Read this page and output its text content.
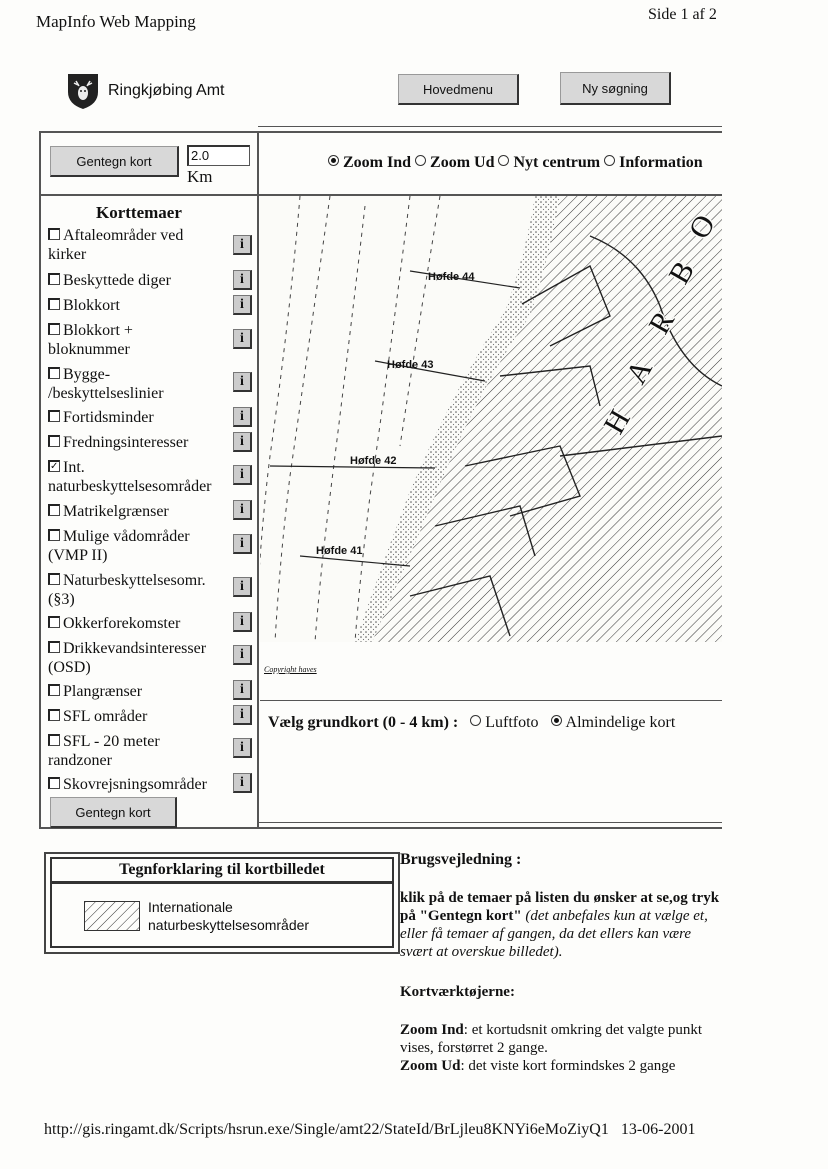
MapInfo Web Mapping	Side 1 af 2
Ringkjøbing Amt	Hovedmenu	Ny søgning
Gentegn kort	2.0
Km
Zoom Ind Zoom Ud Nyt centrum Information
Korttemaer
Aftaleområder ved
kirker
Beskyttede diger
Blokkort
Blokkort +
bloknummer
Bygge-
/beskyttelseslinier
Fortidsminder
Fredningsinteresser
✓Int.
naturbeskyttelsesområder
Matrikelgrænser
Mulige vådområder
(VMP II)
Naturbeskyttelsesomr.
(§3)
Okkerforekomster
Drikkevandsinteresser
(OSD)
Plangrænser
SFL områder
SFL - 20 meter
randzoner
Skovrejsningsområder
i
i
i
i
i
i
i
i
i
i
i
i
i
i
i
i
i
Gentegn kort
Høfde 44
Høfde 43
Høfde 42
Høfde 41
H
A
R
B
O
Copyright haves
Vælg grundkort (0 - 4 km) : Luftfoto Almindelige kort
Tegnforklaring til kortbilledet
Internationale
naturbeskyttelsesområder
Brugsvejledning :
klik på de temaer på listen du ønsker at se,og tryk på "Gentegn kort" (det anbefales kun at vælge et, eller få temaer af gangen, da det ellers kan være svært at overskue billedet).
Kortværktøjerne:
Zoom Ind: et kortudsnit omkring det valgte punkt vises, forstørret 2 gange.
Zoom Ud: det viste kort formindskes 2 gange
http://gis.ringamt.dk/Scripts/hsrun.exe/Single/amt22/StateId/BrLjleu8KNYi6eMoZiyQ1 13-06-2001
